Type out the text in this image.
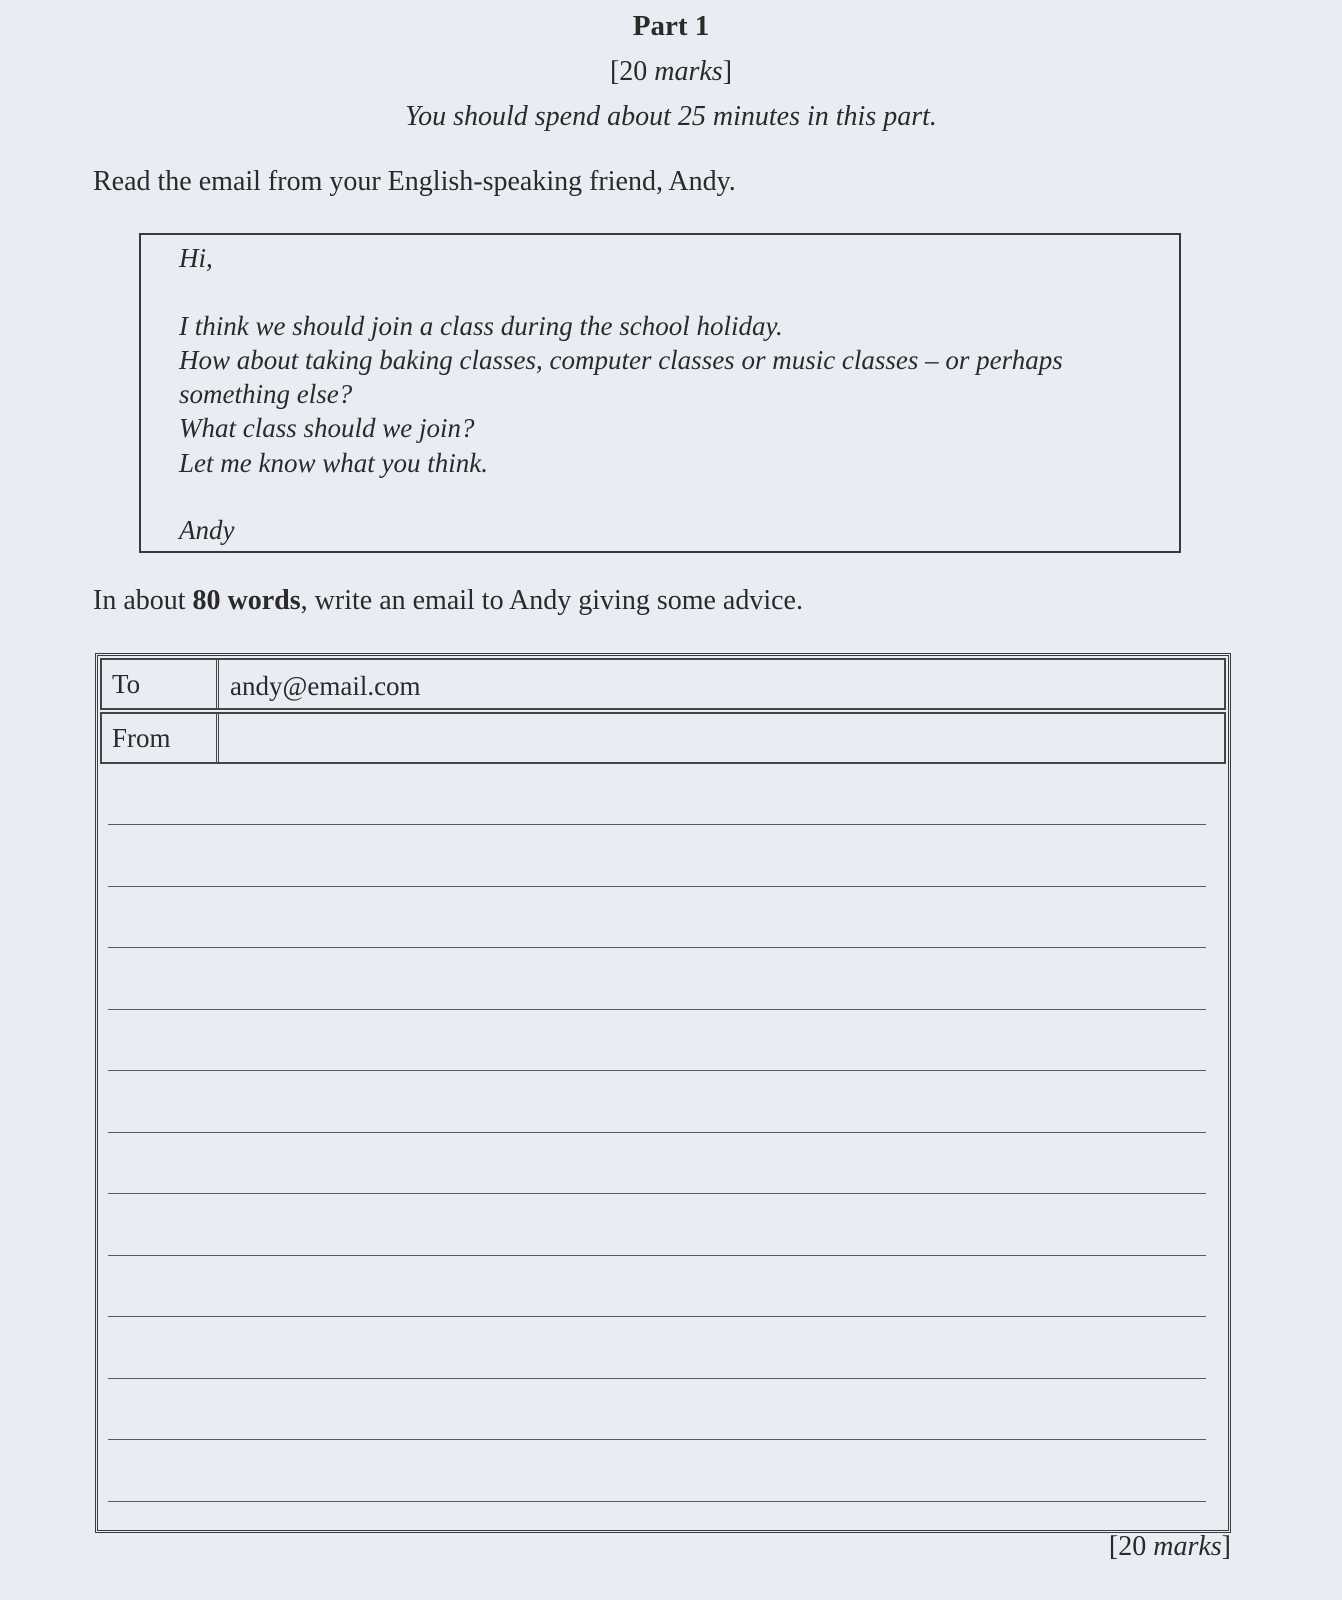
Part 1
[20 marks]
You should spend about 25 minutes in this part.
Read the email from your English-speaking friend, Andy.
Hi,
I think we should join a class during the school holiday.
How about taking baking classes, computer classes or music classes – or perhaps
something else?
What class should we join?
Let me know what you think.
Andy
In about 80 words, write an email to Andy giving some advice.
To	andy@email.com
From
[20 marks]
